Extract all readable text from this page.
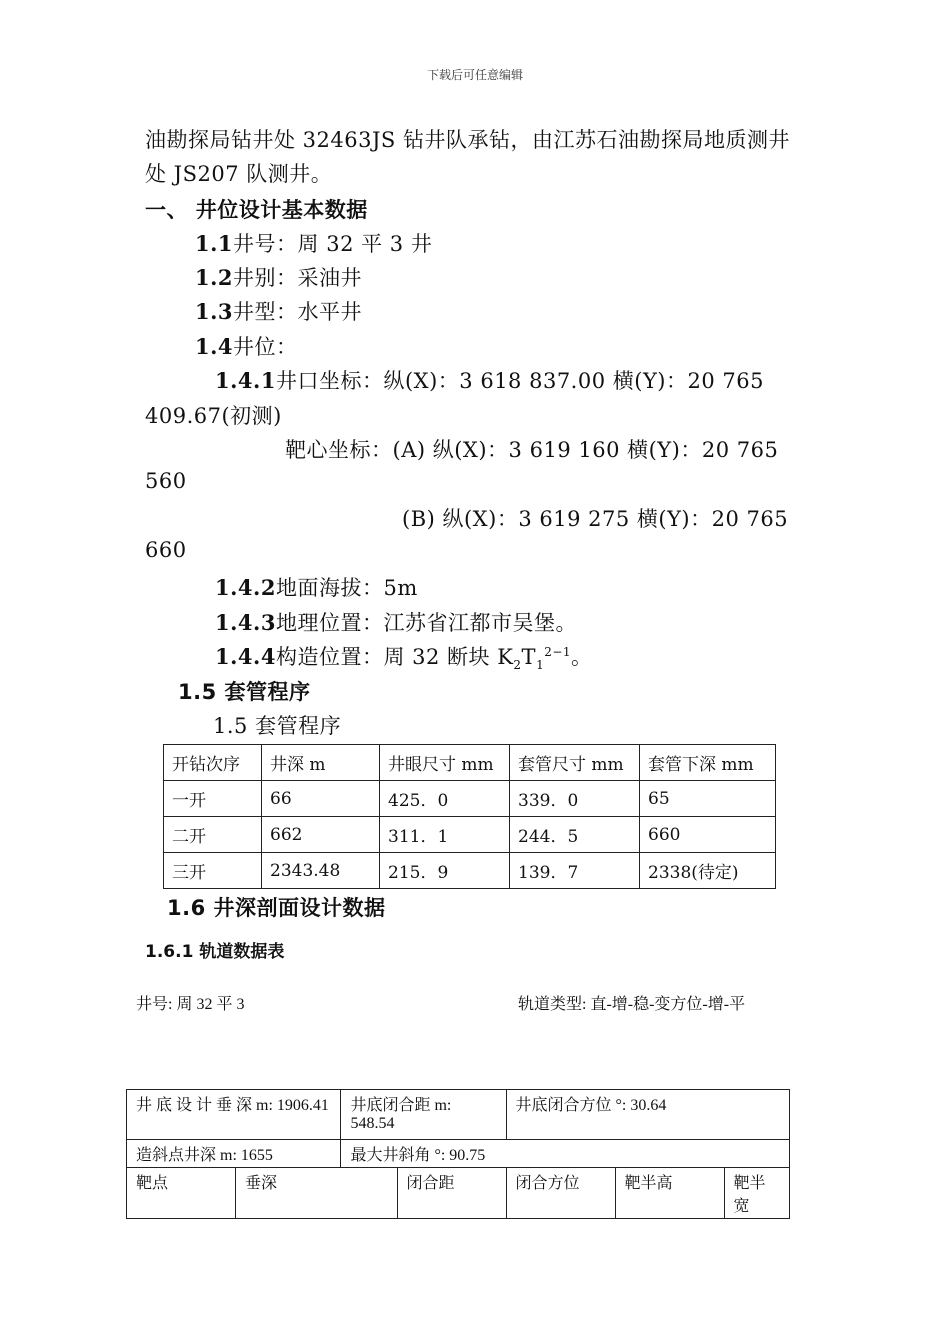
下载后可任意编辑
油勘探局钻井处 32463JS 钻井队承钻，由江苏石油勘探局地质测井
处 JS207 队测井。
一、 井位设计基本数据
1.1井号：周 32 平 3 井
1.2井别：采油井
1.3井型：水平井
1.4井位：
1.4.1井口坐标：纵(X)：3 618 837.00 横(Y)：20 765
409.67(初测)
靶心坐标：(A) 纵(X)：3 619 160 横(Y)：20 765
560
(B) 纵(X)：3 619 275 横(Y)：20 765
660
1.4.2地面海拔：5m
1.4.3地理位置：江苏省江都市吴堡。
1.4.4构造位置：周 32 断块 $K_2T_1^{2-1}$。
1.5 套管程序
1.5 套管程序
开钻次序	井深 m	井眼尺寸 mm	套管尺寸 mm	套管下深 mm
一开	66	425．0	339．0	65
二开	662	311．1	244．5	660
三开	2343.48	215．9	139．7	2338(待定)
1.6 井深剖面设计数据
1.6.1 轨道数据表
井号: 周 32 平 3	轨道类型: 直-增-稳-变方位-增-平
井 底 设 计 垂 深 m: 1906.41		井底闭合距 m: 548.54		井底闭合方位 °: 30.64		
造斜点井深 m: 1655		最大井斜角 °: 90.75				
靶点	垂深		闭合距	闭合方位	靶半高	靶半宽
